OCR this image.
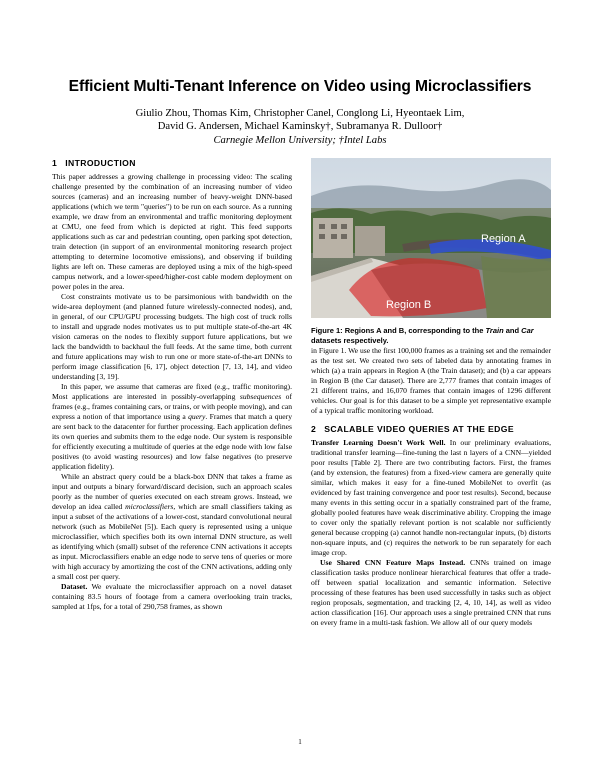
Efficient Multi-Tenant Inference on Video using Microclassifiers
Giulio Zhou, Thomas Kim, Christopher Canel, Conglong Li, Hyeontaek Lim,
David G. Andersen, Michael Kaminsky†, Subramanya R. Dulloor†
Carnegie Mellon University; †Intel Labs
1 INTRODUCTION

This paper addresses a growing challenge in processing video: The scaling challenge presented by the combination of an increasing number of video sources (cameras) and an increasing number of heavy-weight DNN-based applications (which we term "queries") to be run on each source. As a running example, we draw from an environmental and traffic monitoring deployment at CMU, one feed from which is depicted at right. This feed supports applications such as car and pedestrian counting, open parking spot detection, train detection (in support of an environmental monitoring research project attempting to determine locomotive emissions), and observing if building lights are left on. These cameras are deployed using a mix of the high-speed campus network, and a lower-speed/higher-cost cable modem deployment on power poles in the area.

Cost constraints motivate us to be parsimonious with bandwidth on the wide-area deployment (and planned future wirelessly-connected nodes), and, in general, of our CPU/GPU processing budgets. The high cost of truck rolls to install and upgrade nodes motivates us to put multiple state-of-the-art 4K vision cameras on the nodes to flexibly support future applications, but we lack the bandwidth to backhaul the full feeds. At the same time, both current and future applications may wish to run one or more state-of-the-art DNNs to perform image classification [6, 17], object detection [7, 13, 14], and video understanding [3, 19].

In this paper, we assume that cameras are fixed (e.g., traffic monitoring). Most applications are interested in possibly-overlapping subsequences of frames (e.g., frames containing cars, or trains, or with people moving), and can express a notion of that importance using a query. Frames that match a query are sent back to the datacenter for further processing. Each application defines its own queries and submits them to the edge node. Our system is responsible for efficiently executing a multitude of queries at the edge node with low false positives (to avoid wasting resources) and low false negatives (to preserve application fidelity).

While an abstract query could be a black-box DNN that takes a frame as input and outputs a binary forward/discard decision, such an approach scales poorly as the number of queries executed on each stream grows. Instead, we develop an idea called microclassifiers, which are small classifiers taking as input a subset of the activations of a lower-cost, standard convolutional neural network (such as MobileNet [5]). Each query is represented using a unique microclassifier, which specifies both its own internal DNN structure, as well as identifying which (small) subset of the reference CNN activations it accepts as input. Microclassifiers enable an edge node to serve tens of queries or more with high accuracy by amortizing the cost of the CNN activations, adding only a small cost per query.

Dataset. We evaluate the microclassifier approach on a novel dataset containing 83.5 hours of footage from a camera overlooking train tracks, sampled at 1fps, for a total of 290,758 frames, as shown

Region A
Region B
Figure 1: Regions A and B, corresponding to the Train and Car datasets respectively.

in Figure 1. We use the first 100,000 frames as a training set and the remainder as the test set. We created two sets of labeled data by annotating frames in which (a) a train appears in Region A (the Train dataset); and (b) a car appears in Region B (the Car dataset). There are 2,777 frames that contain images of 21 different trains, and 16,070 frames that contain images of 1296 different vehicles. Our goal is for this dataset to be a simple yet representative example of a typical traffic monitoring workload.

2 SCALABLE VIDEO QUERIES AT THE EDGE

Transfer Learning Doesn't Work Well. In our preliminary evaluations, traditional transfer learning—fine-tuning the last n layers of a CNN—yielded poor results [Table 2]. There are two contributing factors. First, the frames (and by extension, the features) from a fixed-view camera are generally quite similar, which makes it easy for a fine-tuned MobileNet to overfit (as evidenced by fast training convergence and poor test results). Second, because many events in this setting occur in a spatially constrained part of the frame, globally pooled features have weak discriminative ability. Cropping the image to cover only the spatially relevant portion is not scalable nor sufficiently general because cropping (a) cannot handle non-rectangular inputs, (b) distorts non-square inputs, and (c) requires the network to be run separately for each image crop.

Use Shared CNN Feature Maps Instead. CNNs trained on image classification tasks produce nonlinear hierarchical features that offer a trade-off between spatial localization and semantic information. Selective processing of these features has been used successfully in tasks such as object region proposals, segmentation, and tracking [2, 4, 10, 14], as well as video action classification [16]. Our approach uses a single pretrained CNN that runs on every frame in a multi-task fashion. We allow all of our query models

1
